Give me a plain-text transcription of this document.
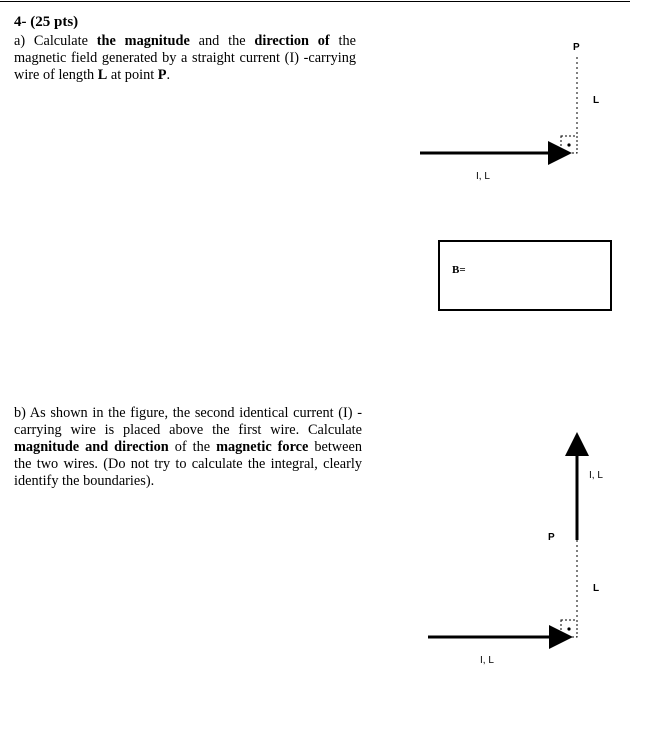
4- (25 pts)
a) Calculate the magnitude and the direction of the magnetic field generated by a straight current (I) -carrying wire of length L at point P.
P
L
I, L
I, L
P
L
I, L
B=
b) As shown in the figure, the second identical current (I) - carrying wire is placed above the first wire. Calculate magnitude and direction of the magnetic force between the two wires. (Do not try to calculate the integral, clearly identify the boundaries).
